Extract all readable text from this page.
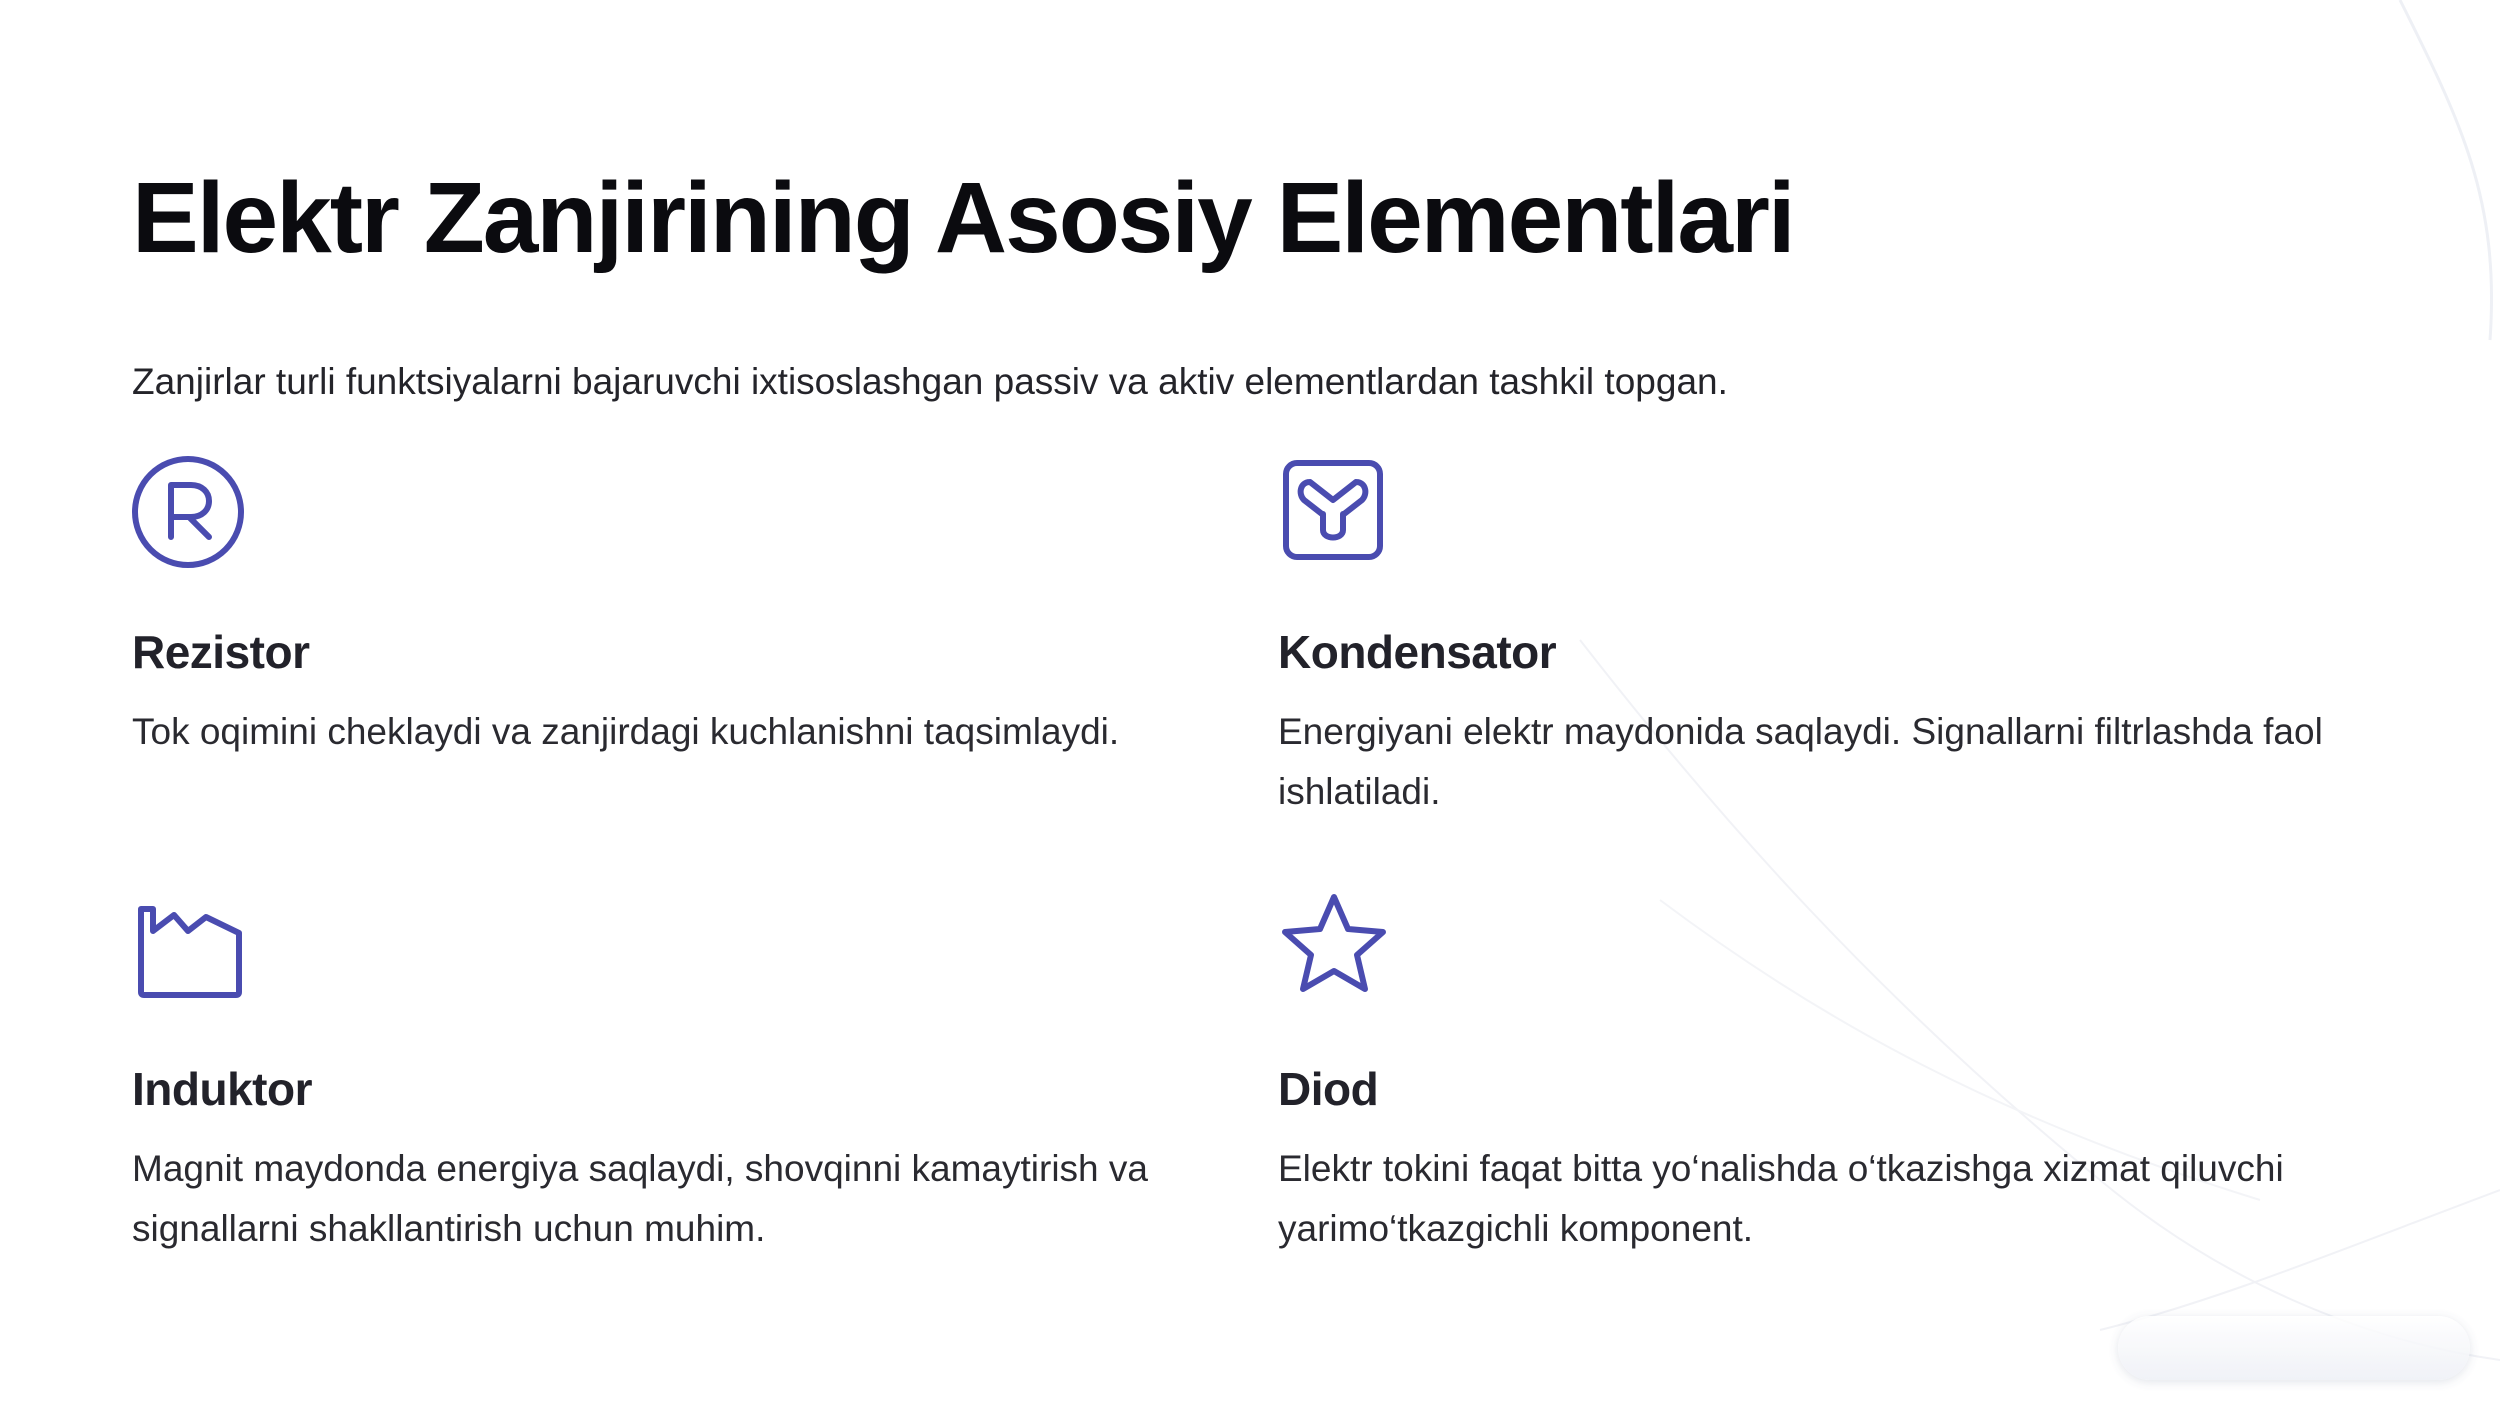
Elektr Zanjirining Asosiy Elementlari

Zanjirlar turli funktsiyalarni bajaruvchi ixtisoslashgan passiv va aktiv elementlardan tashkil topgan.

Rezistor

Tok oqimini cheklaydi va zanjirdagi kuchlanishni taqsimlaydi.

Kondensator

Energiyani elektr maydonida saqlaydi. Signallarni filtrlashda faol ishlatiladi.

Induktor

Magnit maydonda energiya saqlaydi, shovqinni kamaytirish va signallarni shakllantirish uchun muhim.

Diod

Elektr tokini faqat bitta yo‘nalishda o‘tkazishga xizmat qiluvchi yarimo‘tkazgichli komponent.
